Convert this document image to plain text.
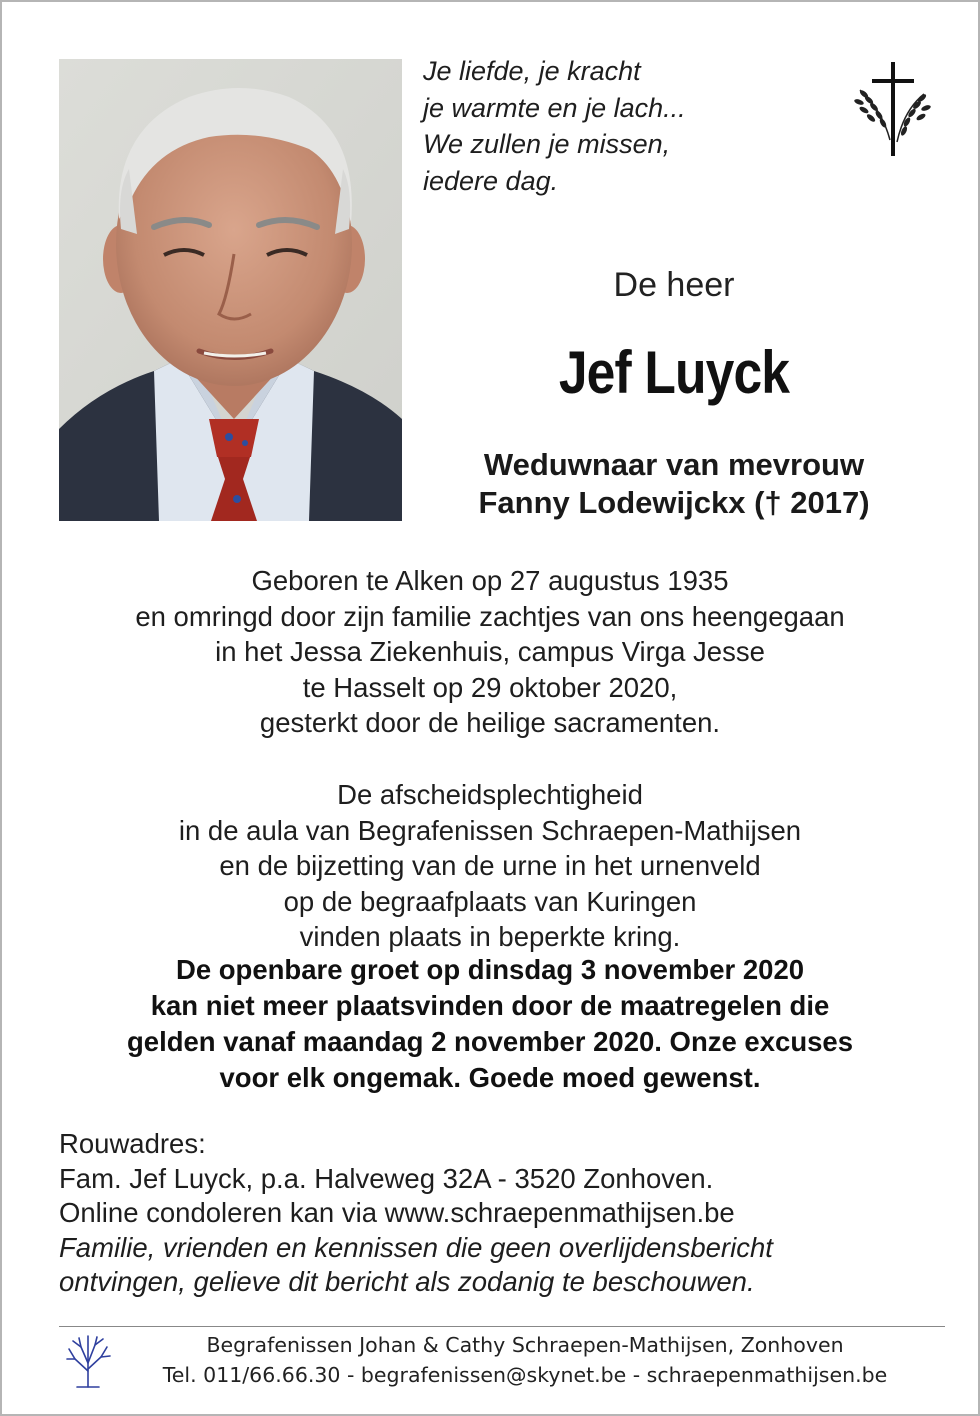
Je liefde, je kracht
je warmte en je lach...
We zullen je missen,
iedere dag.
De heer
Jef Luyck
Weduwnaar van mevrouw
Fanny Lodewijckx († 2017)
Geboren te Alken op 27 augustus 1935
en omringd door zijn familie zachtjes van ons heengegaan
in het Jessa Ziekenhuis, campus Virga Jesse
te Hasselt op 29 oktober 2020,
gesterkt door de heilige sacramenten.
De afscheidsplechtigheid
in de aula van Begrafenissen Schraepen-Mathijsen
en de bijzetting van de urne in het urnenveld
op de begraafplaats van Kuringen
vinden plaats in beperkte kring.
De openbare groet op dinsdag 3 november 2020
kan niet meer plaatsvinden door de maatregelen die
gelden vanaf maandag 2 november 2020. Onze excuses
voor elk ongemak. Goede moed gewenst.
Rouwadres:
Fam. Jef Luyck, p.a. Halveweg 32A - 3520 Zonhoven.
Online condoleren kan via www.schraepenmathijsen.be
Familie, vrienden en kennissen die geen overlijdensbericht
ontvingen, gelieve dit bericht als zodanig te beschouwen.
Begrafenissen Johan & Cathy Schraepen-Mathijsen, Zonhoven
Tel. 011/66.66.30 - begrafenissen@skynet.be - schraepenmathijsen.be
